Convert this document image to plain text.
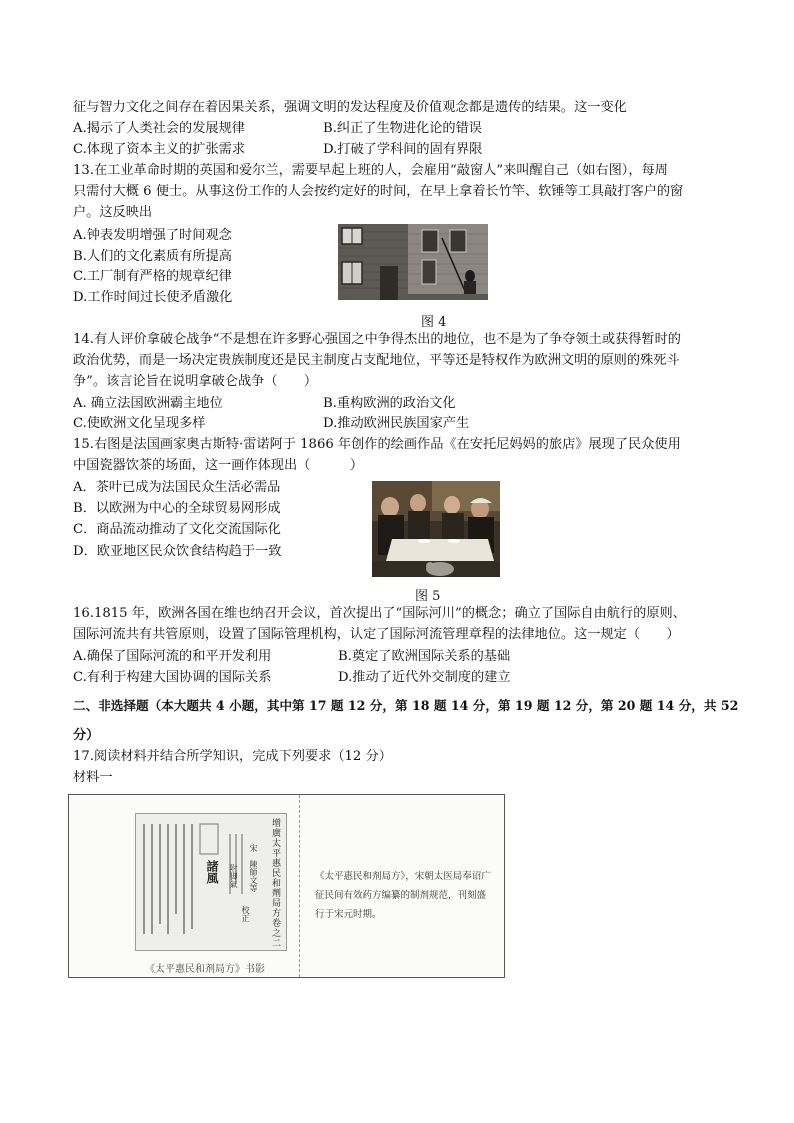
征与智力文化之间存在着因果关系，强调文明的发达程度及价值观念都是遗传的结果。这一变化
A.揭示了人类社会的发展规律	B.纠正了生物进化论的错误
C.体现了资本主义的扩张需求	D.打破了学科间的固有界限
13.在工业革命时期的英国和爱尔兰，需要早起上班的人，会雇用“敲窗人”来叫醒自己（如右图），每周
只需付大概 6 便士。从事这份工作的人会按约定好的时间，在早上拿着长竹竿、软锤等工具敲打客户的窗
户。这反映出
A.钟表发明增强了时间观念
B.人们的文化素质有所提高
C.工厂制有严格的规章纪律
D.工作时间过长使矛盾激化
图 4
14.有人评价拿破仑战争“不是想在许多野心强国之中争得杰出的地位，也不是为了争夺领土或获得暂时的
政治优势，而是一场决定贵族制度还是民主制度占支配地位，平等还是特权作为欧洲文明的原则的殊死斗
争”。该言论旨在说明拿破仑战争（　　）
A. 确立法国欧洲霸主地位	B.重构欧洲的政治文化
C.使欧洲文化呈现多样	D.推动欧洲民族国家产生
15.右图是法国画家奥古斯特·雷诺阿于 1866 年创作的绘画作品《在安托尼妈妈的旅店》展现了民众使用
中国瓷器饮茶的场面，这一画作体现出（　　　）
A．茶叶已成为法国民众生活必需品
B．以欧洲为中心的全球贸易网形成
C．商品流动推动了文化交流国际化
D．欧亚地区民众饮食结构趋于一致
图 5
16.1815 年，欧洲各国在维也纳召开会议，首次提出了“国际河川”的概念；确立了国际自由航行的原则、
国际河流共有共管原则，设置了国际管理机构，认定了国际河流管理章程的法律地位。这一规定（　　）
A.确保了国际河流的和平开发利用	B.奠定了欧洲国际关系的基础
C.有利于构建大国协调的国际关系	D.推动了近代外交制度的建立
二、非选择题（本大题共 4 小题，其中第 17 题 12 分，第 18 题 14 分，第 19 题 12 分，第 20 题 14 分，共 52
分）
17.阅读材料并结合所学知识，完成下列要求（12 分）
材料一
增廣太平惠民和劑局方卷之二
諸風 附脚氣 宋　陳師文等
校正
《太平惠民和剂局方》书影
《太平惠民和剂局方》，宋朝太医局奉诏广
征民间有效药方编纂的制剂规范，刊刻盛
行于宋元时期。
